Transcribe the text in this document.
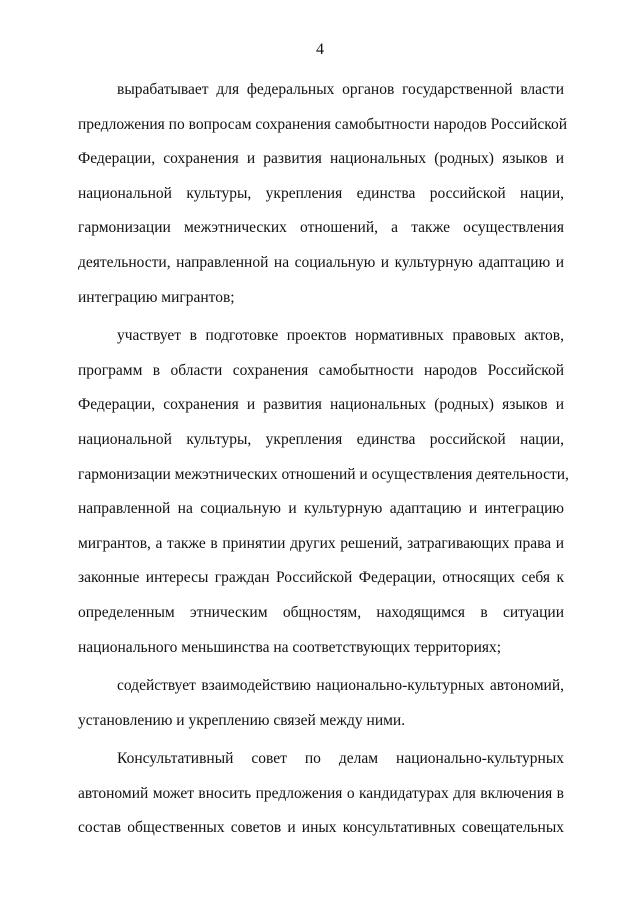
4
вырабатывает для федеральных органов государственной власти
предложения по вопросам сохранения самобытности народов Российской
Федерации, сохранения и развития национальных (родных) языков и
национальной культуры, укрепления единства российской нации,
гармонизации межэтнических отношений, а также осуществления
деятельности, направленной на социальную и культурную адаптацию и
интеграцию мигрантов;
участвует в подготовке проектов нормативных правовых актов,
программ в области сохранения самобытности народов Российской
Федерации, сохранения и развития национальных (родных) языков и
национальной культуры, укрепления единства российской нации,
гармонизации межэтнических отношений и осуществления деятельности,
направленной на социальную и культурную адаптацию и интеграцию
мигрантов, а также в принятии других решений, затрагивающих права и
законные интересы граждан Российской Федерации, относящих себя к
определенным этническим общностям, находящимся в ситуации
национального меньшинства на соответствующих территориях;
содействует взаимодействию национально-культурных автономий,
установлению и укреплению связей между ними.
Консультативный совет по делам национально-культурных
автономий может вносить предложения о кандидатурах для включения в
состав общественных советов и иных консультативных совещательных
